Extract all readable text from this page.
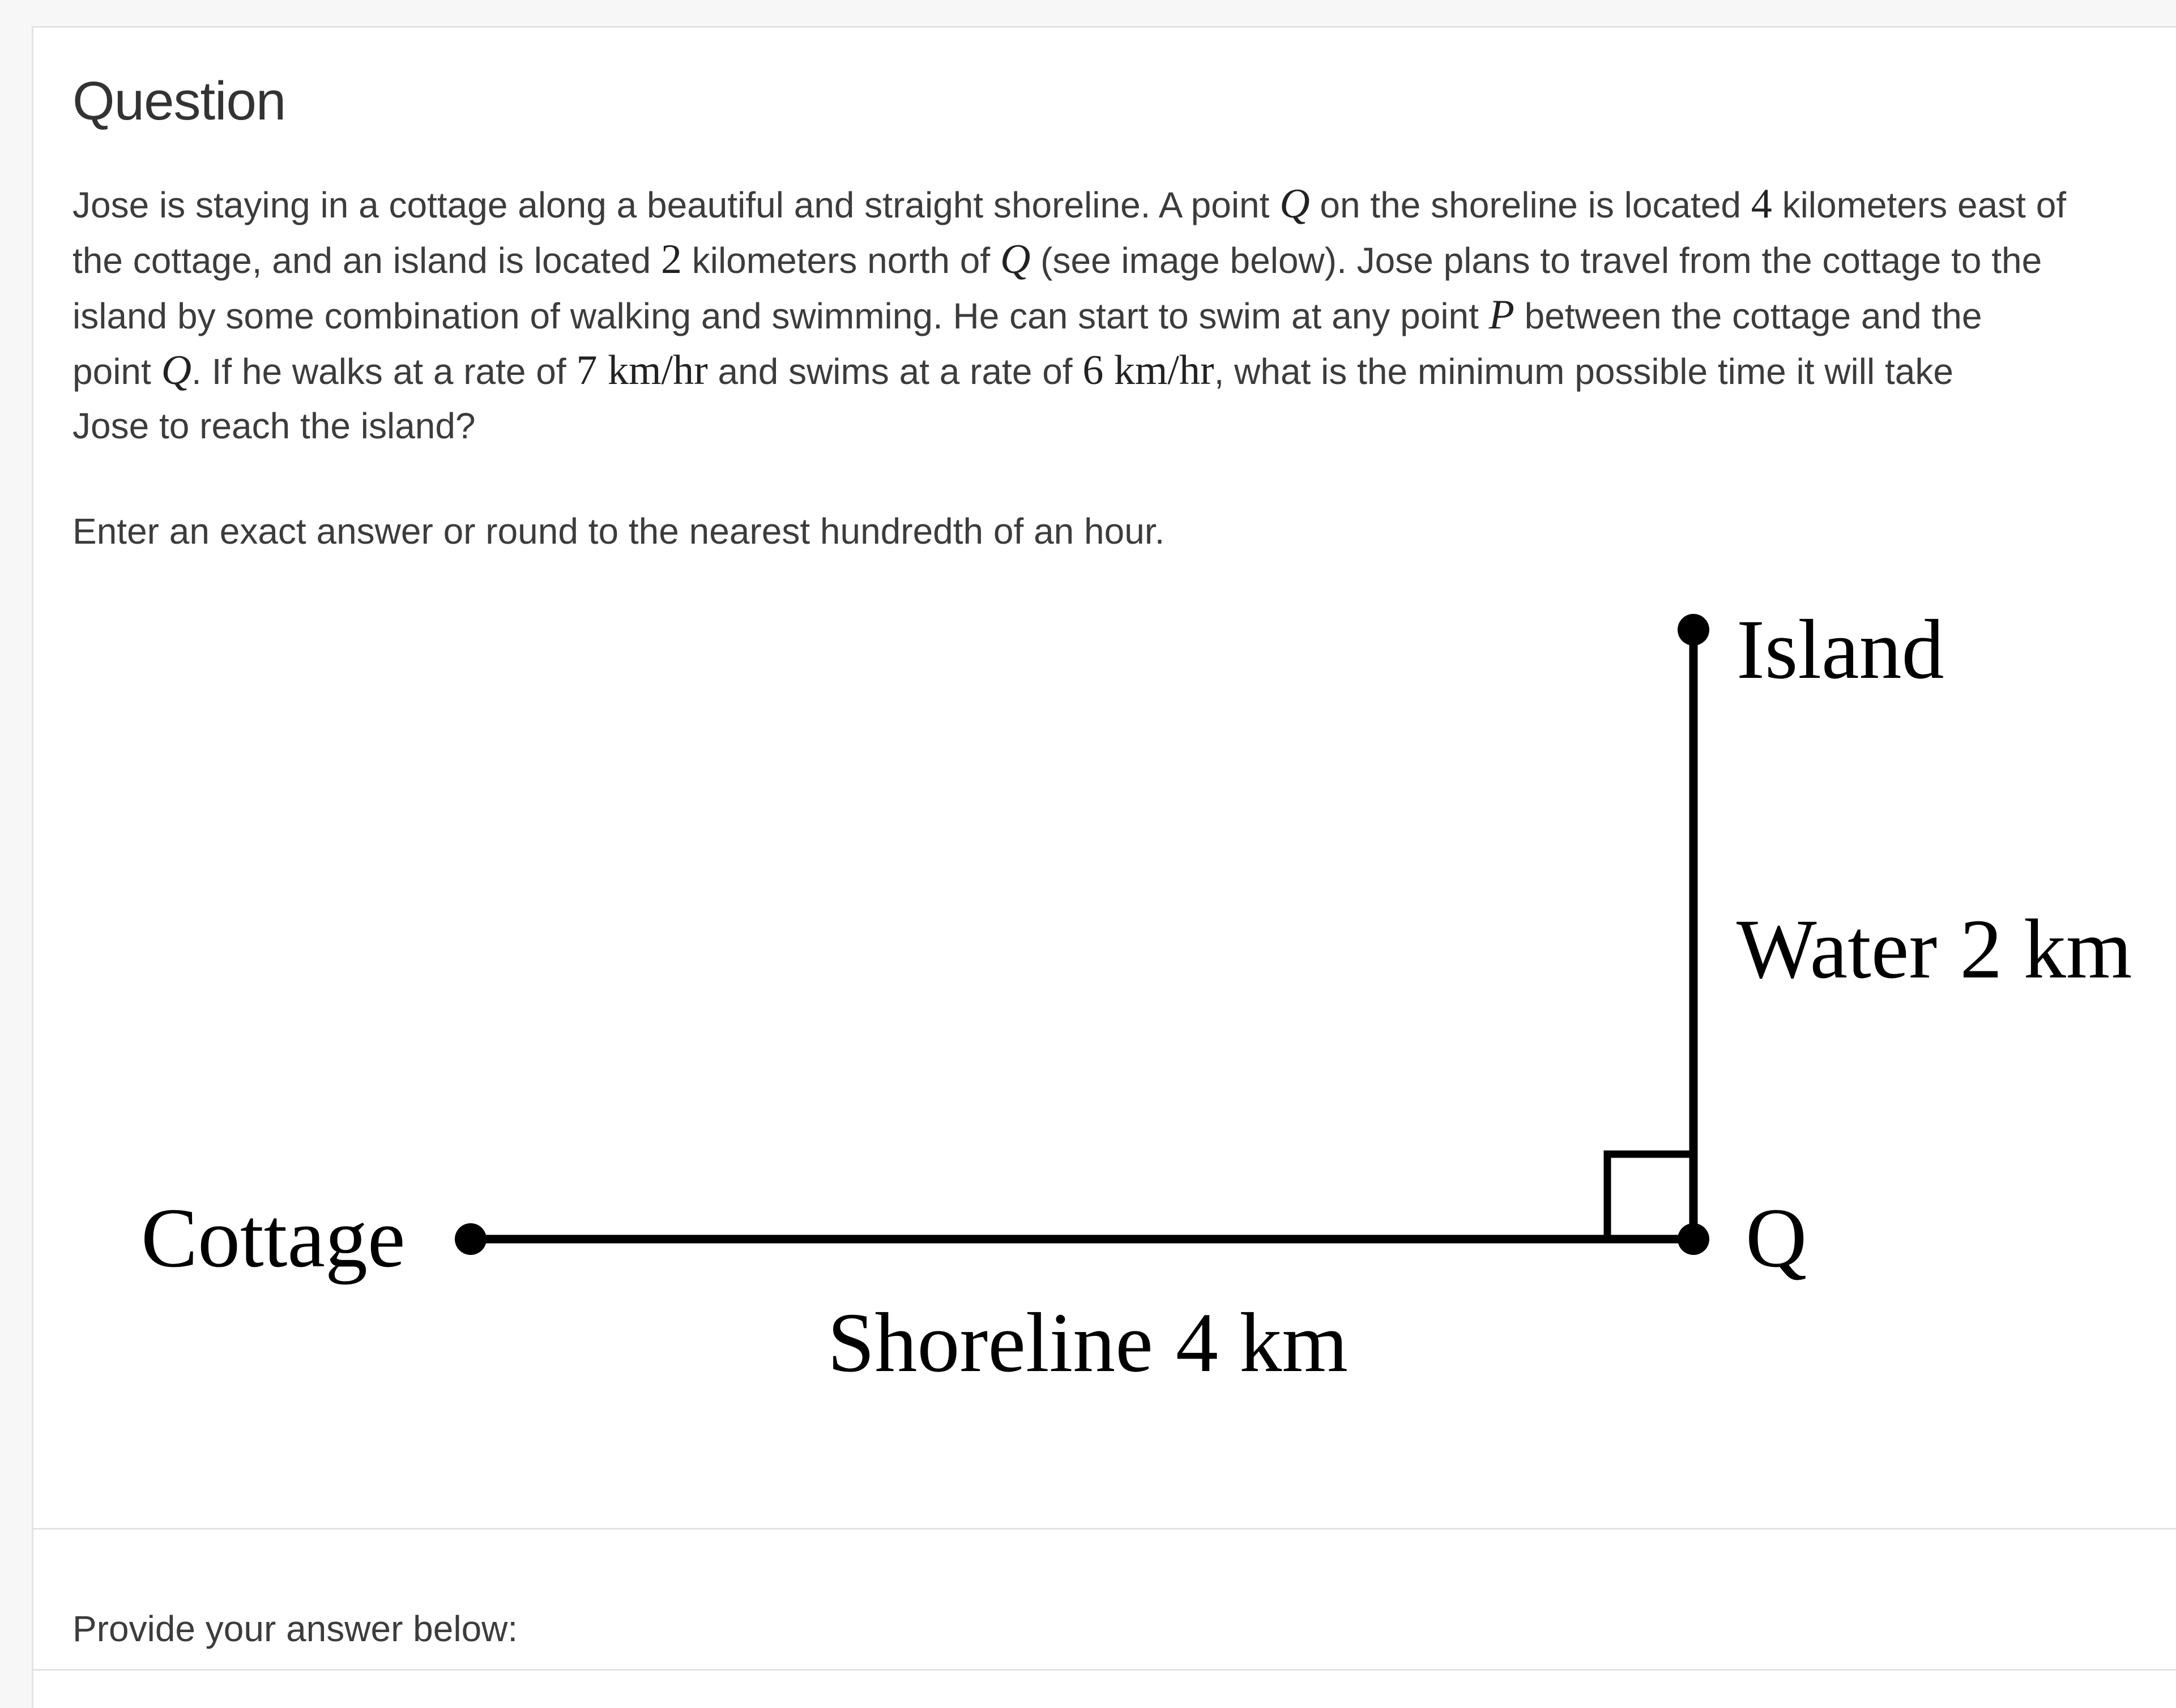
Question
Jose is staying in a cottage along a beautiful and straight shoreline. A point Q on the shoreline is located 4 kilometers east of
the cottage, and an island is located 2 kilometers north of Q (see image below). Jose plans to travel from the cottage to the
island by some combination of walking and swimming. He can start to swim at any point P between the cottage and the
point Q. If he walks at a rate of 7 km/hr and swims at a rate of 6 km/hr, what is the minimum possible time it will take
Jose to reach the island?
Enter an exact answer or round to the nearest hundredth of an hour.
Island
Water 2 km
Cottage	Q
Shoreline 4 km
Provide your answer below:
